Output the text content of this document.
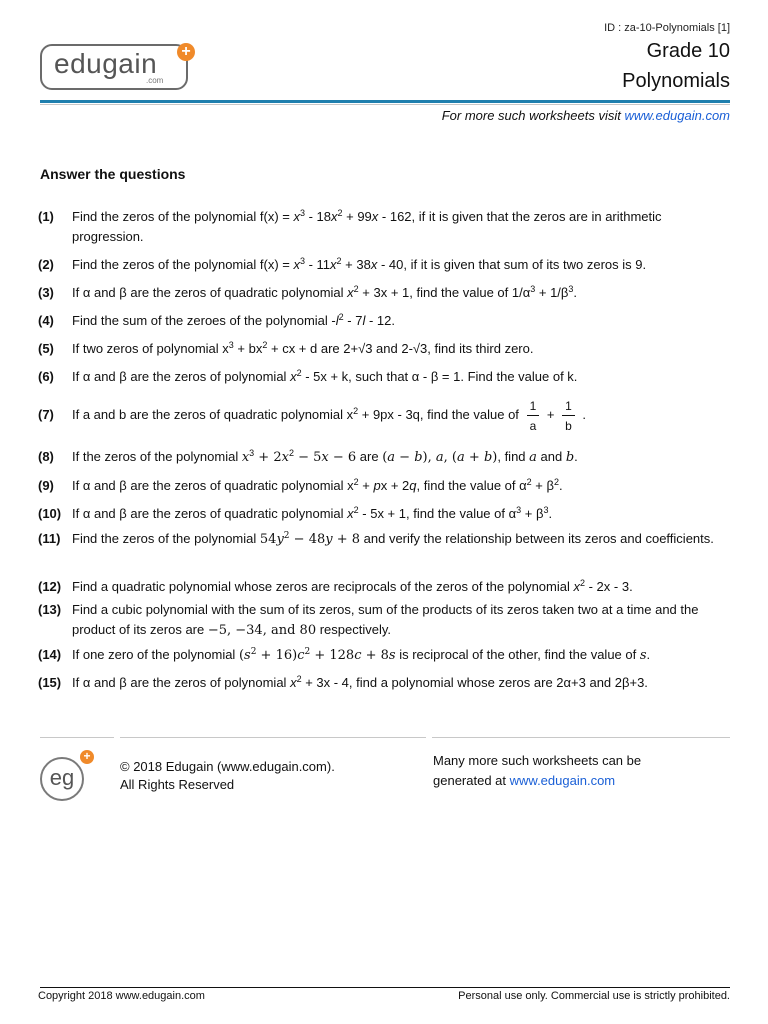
ID : za-10-Polynomials [1]
Grade 10
Polynomials
edugain
.com
+
For more such worksheets visit www.edugain.com
Answer the questions
(1)	Find the zeros of the polynomial $f(x) = x^3 - 18x^2 + 99x - 162$, if it is given that the zeros are in arithmetic progression.
(2)	Find the zeros of the polynomial $f(x) = x^3 - 11x^2 + 38x - 40$, if it is given that sum of its two zeros is 9.
(3)	If α and β are the zeros of quadratic polynomial $x^2 + 3x + 1$, find the value of $1/\alpha^3 + 1/\beta^3$.
(4)	Find the sum of the zeroes of the polynomial $-l^2 - 7l - 12$.
(5)	If two zeros of polynomial $x^3 + bx^2$ + cx + d are 2+√3 and 2-√3, find its third zero.
(6)	If α and β are the zeros of polynomial $x^2 - 5x + k$, such that α - β = 1. Find the value of k.
(7)	If a and b are the zeros of quadratic polynomial $x^2 + 9px - 3q$, find the value of $\frac{1}{a} + \frac{1}{b}$ .
(8)	If the zeros of the polynomial $x^3 + 2x^2 - 5x - 6$ are (a − b), a, (a + b), find a and b.
(9)	If α and β are the zeros of quadratic polynomial $x^2$ + px + 2q, find the value of $\alpha^2 + \beta^2$.
(10) If α and β are the zeros of quadratic polynomial $x^2 - 5x + 1$, find the value of $\alpha^3 + \beta^3$.
(11) Find the zeros of the polynomial $54y^2 - 48y + 8$ and verify the relationship between its zeros and coefficients.
(12) Find a quadratic polynomial whose zeros are reciprocals of the zeros of the polynomial $x^2 - 2x - 3$.
(13) Find a cubic polynomial with the sum of its zeros, sum of the products of its zeros taken two at a time and the product of its zeros are −5, −34, and 80 respectively.
(14) If one zero of the polynomial $(s^2 + 16)c^2 + 128c + 8s$ is reciprocal of the other, find the value of s.
(15) If α and β are the zeros of polynomial $x^2 + 3x - 4$, find a polynomial whose zeros are 2α+3 and 2β+3.
eg
+
© 2018 Edugain (www.edugain.com).
All Rights Reserved
Many more such worksheets can be
generated at www.edugain.com
Copyright 2018 www.edugain.com	Personal use only. Commercial use is strictly prohibited.
